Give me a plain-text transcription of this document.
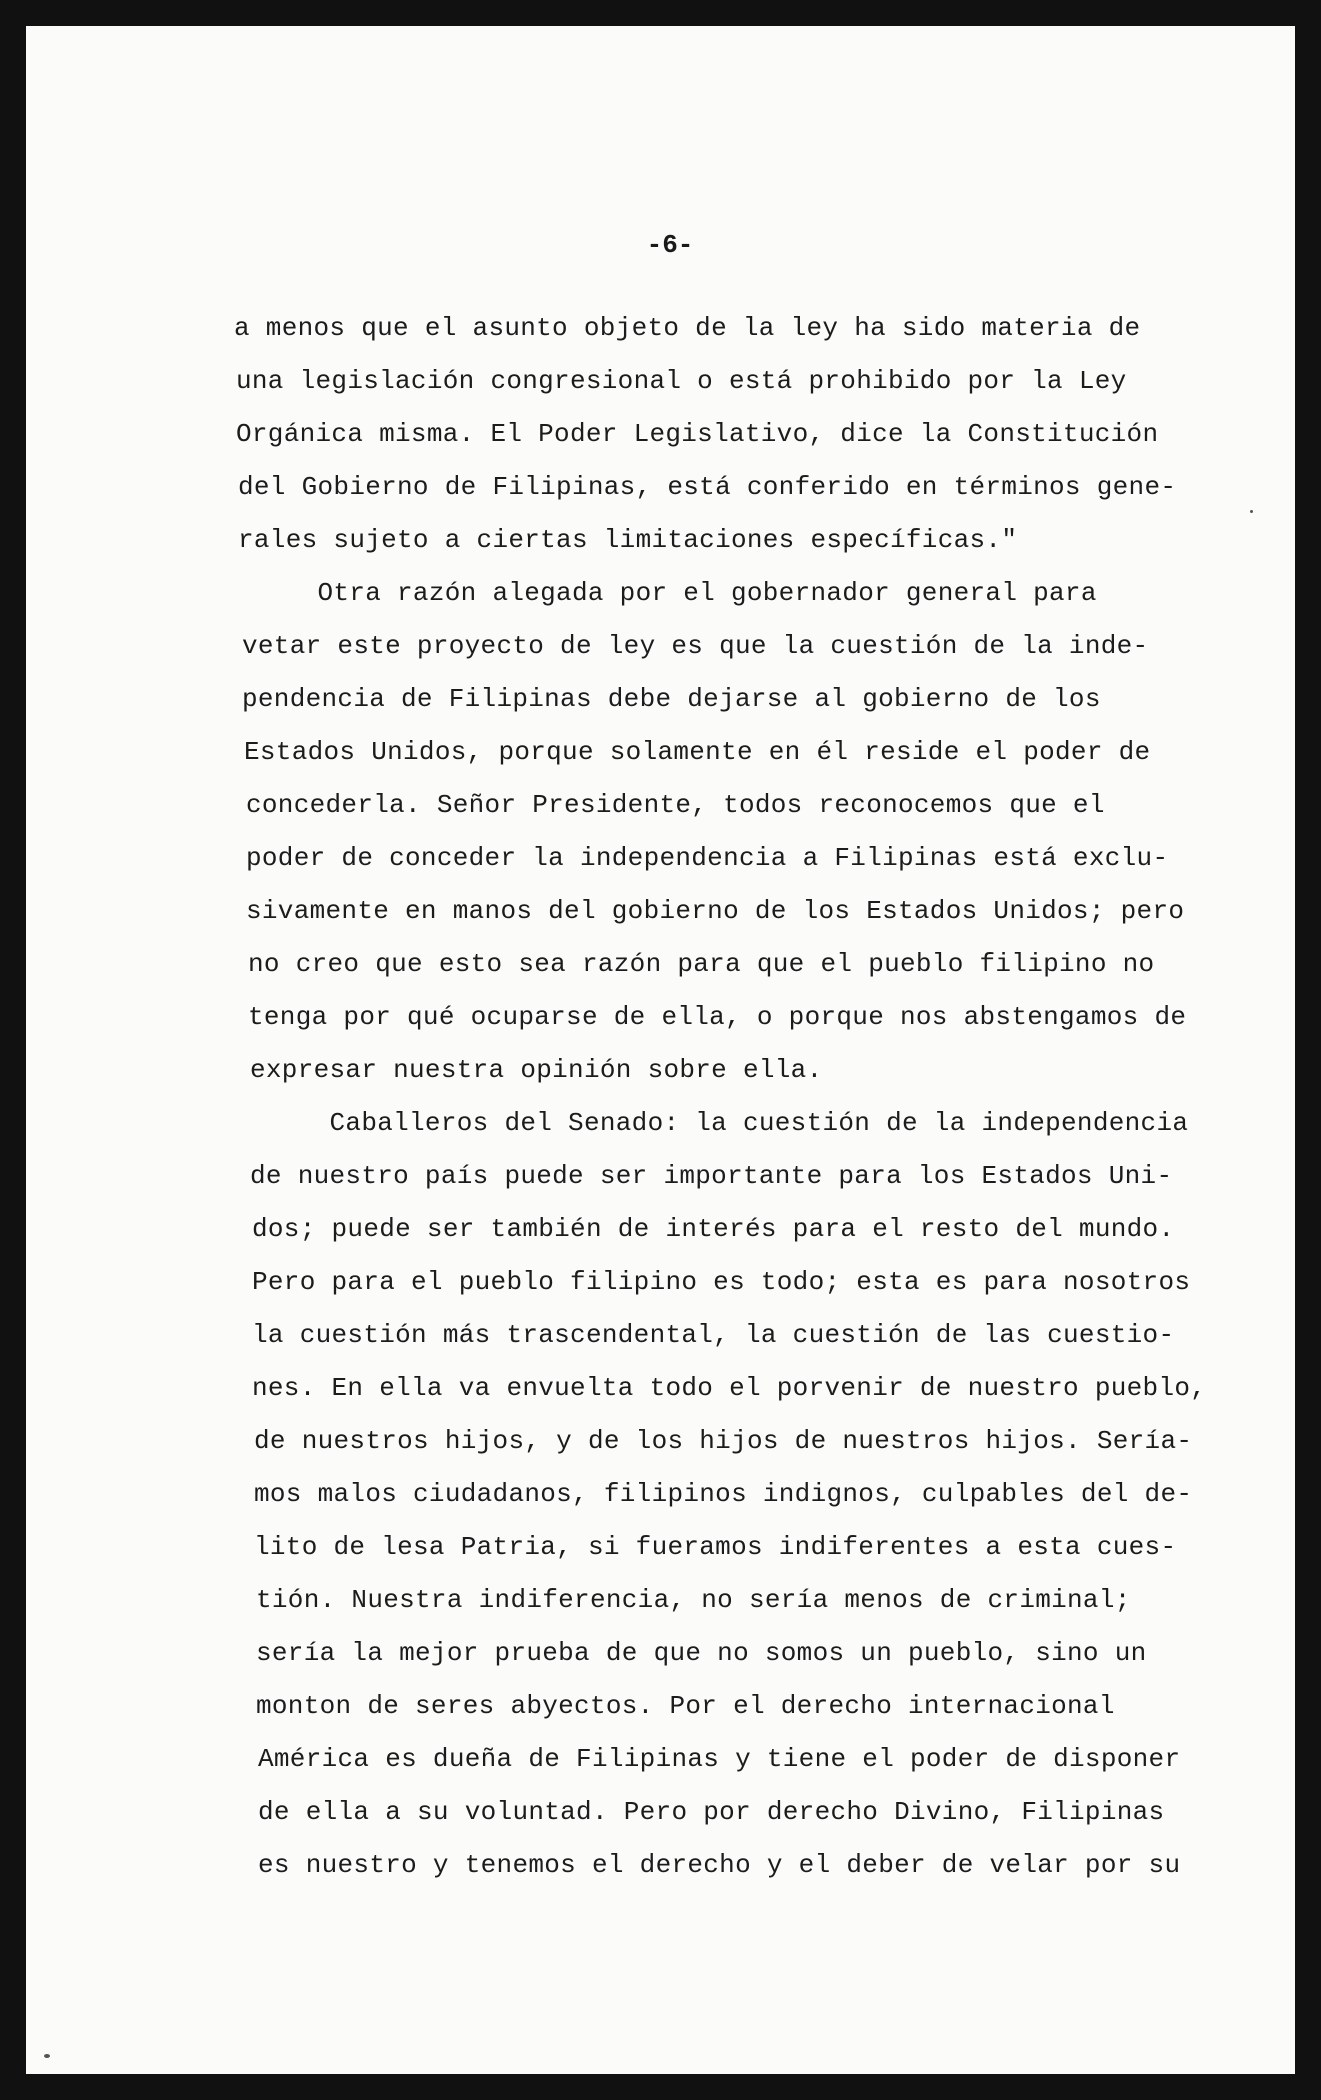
-6-
a menos que el asunto objeto de la ley ha sido materia de
una legislación congresional o está prohibido por la Ley
Orgánica misma. El Poder Legislativo, dice la Constitución
del Gobierno de Filipinas, está conferido en términos gene-
rales sujeto a ciertas limitaciones específicas."
Otra razón alegada por el gobernador general para
vetar este proyecto de ley es que la cuestión de la inde-
pendencia de Filipinas debe dejarse al gobierno de los
Estados Unidos, porque solamente en él reside el poder de
concederla. Señor Presidente, todos reconocemos que el
poder de conceder la independencia a Filipinas está exclu-
sivamente en manos del gobierno de los Estados Unidos; pero
no creo que esto sea razón para que el pueblo filipino no
tenga por qué ocuparse de ella, o porque nos abstengamos de
expresar nuestra opinión sobre ella.
Caballeros del Senado: la cuestión de la independencia
de nuestro país puede ser importante para los Estados Uni-
dos; puede ser también de interés para el resto del mundo.
Pero para el pueblo filipino es todo; esta es para nosotros
la cuestión más trascendental, la cuestión de las cuestio-
nes. En ella va envuelta todo el porvenir de nuestro pueblo,
de nuestros hijos, y de los hijos de nuestros hijos. Sería-
mos malos ciudadanos, filipinos indignos, culpables del de-
lito de lesa Patria, si fueramos indiferentes a esta cues-
tión. Nuestra indiferencia, no sería menos de criminal;
sería la mejor prueba de que no somos un pueblo, sino un
monton de seres abyectos. Por el derecho internacional
América es dueña de Filipinas y tiene el poder de disponer
de ella a su voluntad. Pero por derecho Divino, Filipinas
es nuestro y tenemos el derecho y el deber de velar por su
